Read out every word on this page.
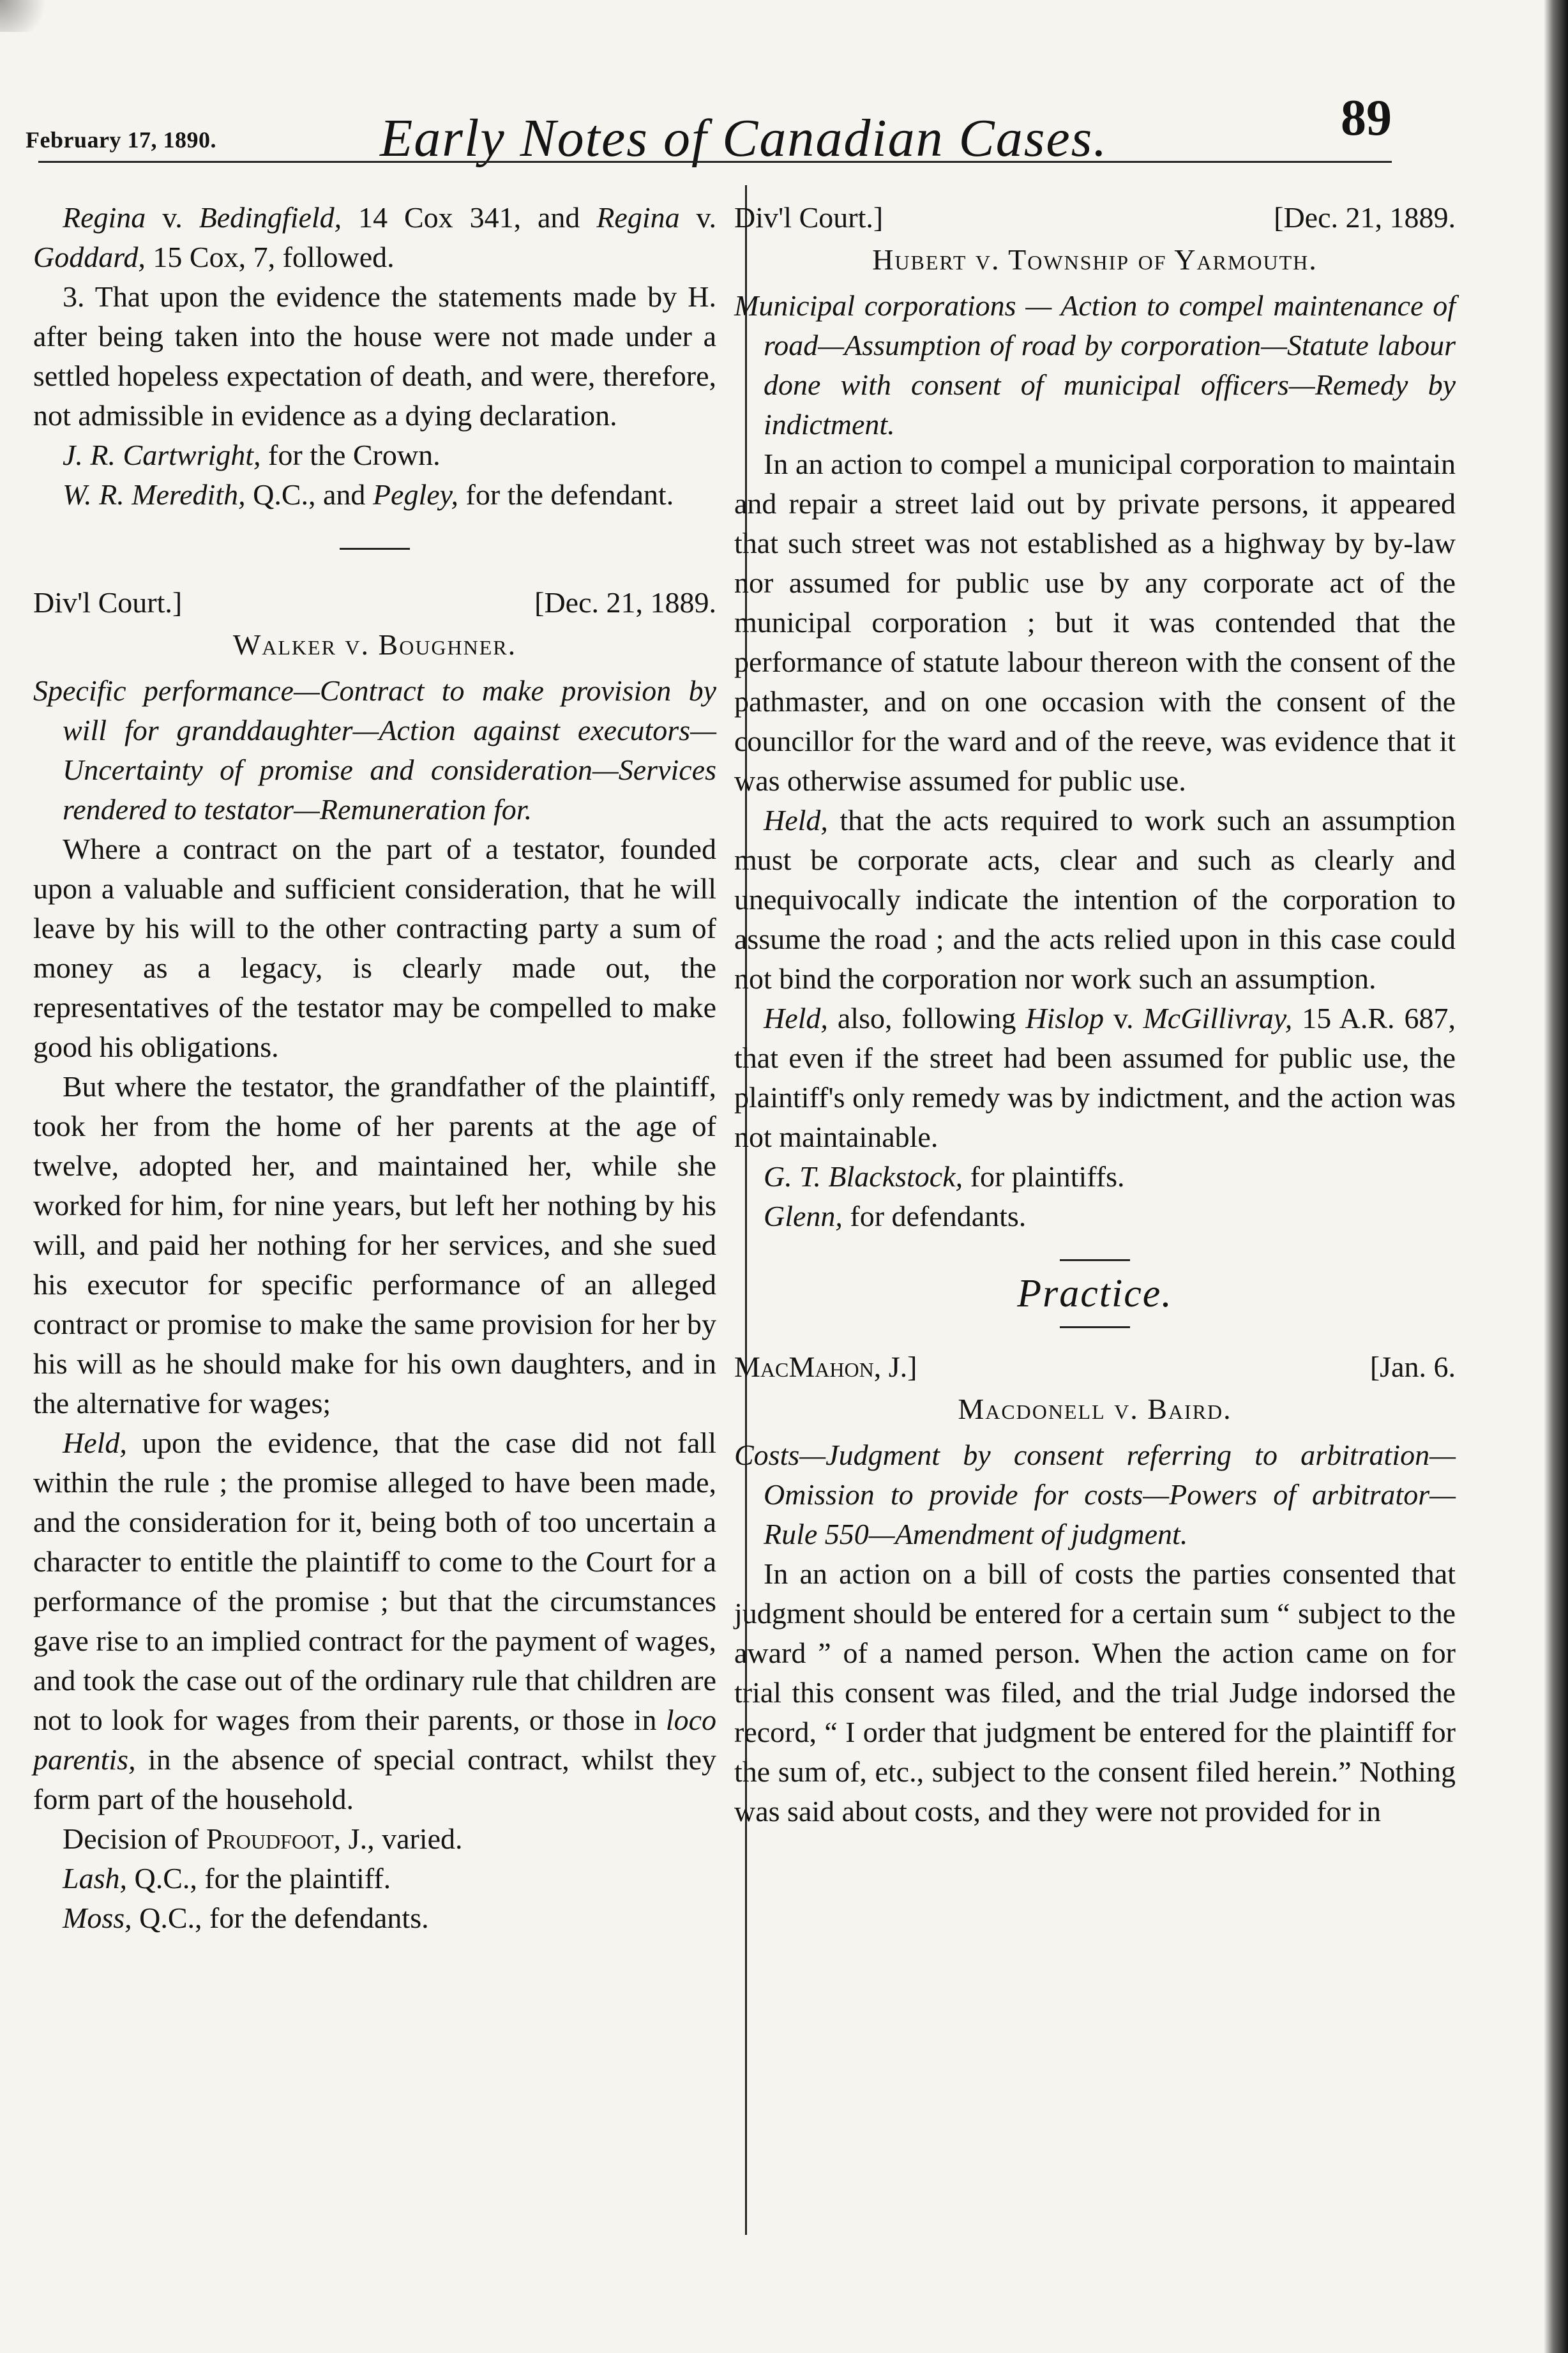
February 17, 1890.	Early Notes of Canadian Cases.	89

Regina v. Bedingfield, 14 Cox 341, and Regina v. Goddard, 15 Cox, 7, followed.

3. That upon the evidence the statements made by H. after being taken into the house were not made under a settled hopeless expectation of death, and were, therefore, not admissible in evidence as a dying declaration.

J. R. Cartwright, for the Crown.

W. R. Meredith, Q.C., and Pegley, for the defendant.

Div'l Court.]	[Dec. 21, 1889.
Walker v. Boughner.

Specific performance—Contract to make provision by will for granddaughter—Action against executors—Uncertainty of promise and consideration—Services rendered to testator—Remuneration for.

Where a contract on the part of a testator, founded upon a valuable and sufficient consideration, that he will leave by his will to the other contracting party a sum of money as a legacy, is clearly made out, the representatives of the testator may be compelled to make good his obligations.

But where the testator, the grandfather of the plaintiff, took her from the home of her parents at the age of twelve, adopted her, and maintained her, while she worked for him, for nine years, but left her nothing by his will, and paid her nothing for her services, and she sued his executor for specific performance of an alleged contract or promise to make the same provision for her by his will as he should make for his own daughters, and in the alternative for wages;

Held, upon the evidence, that the case did not fall within the rule ; the promise alleged to have been made, and the consideration for it, being both of too uncertain a character to entitle the plaintiff to come to the Court for a performance of the promise ; but that the circumstances gave rise to an implied contract for the payment of wages, and took the case out of the ordinary rule that children are not to look for wages from their parents, or those in loco parentis, in the absence of special contract, whilst they form part of the household.

Decision of Proudfoot, J., varied.

Lash, Q.C., for the plaintiff.

Moss, Q.C., for the defendants.

Div'l Court.]	[Dec. 21, 1889.
Hubert v. Township of Yarmouth.

Municipal corporations — Action to compel maintenance of road—Assumption of road by corporation—Statute labour done with consent of municipal officers—Remedy by indictment.

In an action to compel a municipal corporation to maintain and repair a street laid out by private persons, it appeared that such street was not established as a highway by by-law nor assumed for public use by any corporate act of the municipal corporation ; but it was contended that the performance of statute labour thereon with the consent of the pathmaster, and on one occasion with the consent of the councillor for the ward and of the reeve, was evidence that it was otherwise assumed for public use.

Held, that the acts required to work such an assumption must be corporate acts, clear and such as clearly and unequivocally indicate the intention of the corporation to assume the road ; and the acts relied upon in this case could not bind the corporation nor work such an assumption.

Held, also, following Hislop v. McGillivray, 15 A.R. 687, that even if the street had been assumed for public use, the plaintiff's only remedy was by indictment, and the action was not maintainable.

G. T. Blackstock, for plaintiffs.

Glenn, for defendants.

Practice.
MacMahon, J.]	[Jan. 6.
Macdonell v. Baird.

Costs—Judgment by consent referring to arbitration—Omission to provide for costs—Powers of arbitrator—Rule 550—Amendment of judgment.

In an action on a bill of costs the parties consented that judgment should be entered for a certain sum “ subject to the award ” of a named person. When the action came on for trial this consent was filed, and the trial Judge indorsed the record, “ I order that judgment be entered for the plaintiff for the sum of, etc., subject to the consent filed herein.” Nothing was said about costs, and they were not provided for in
